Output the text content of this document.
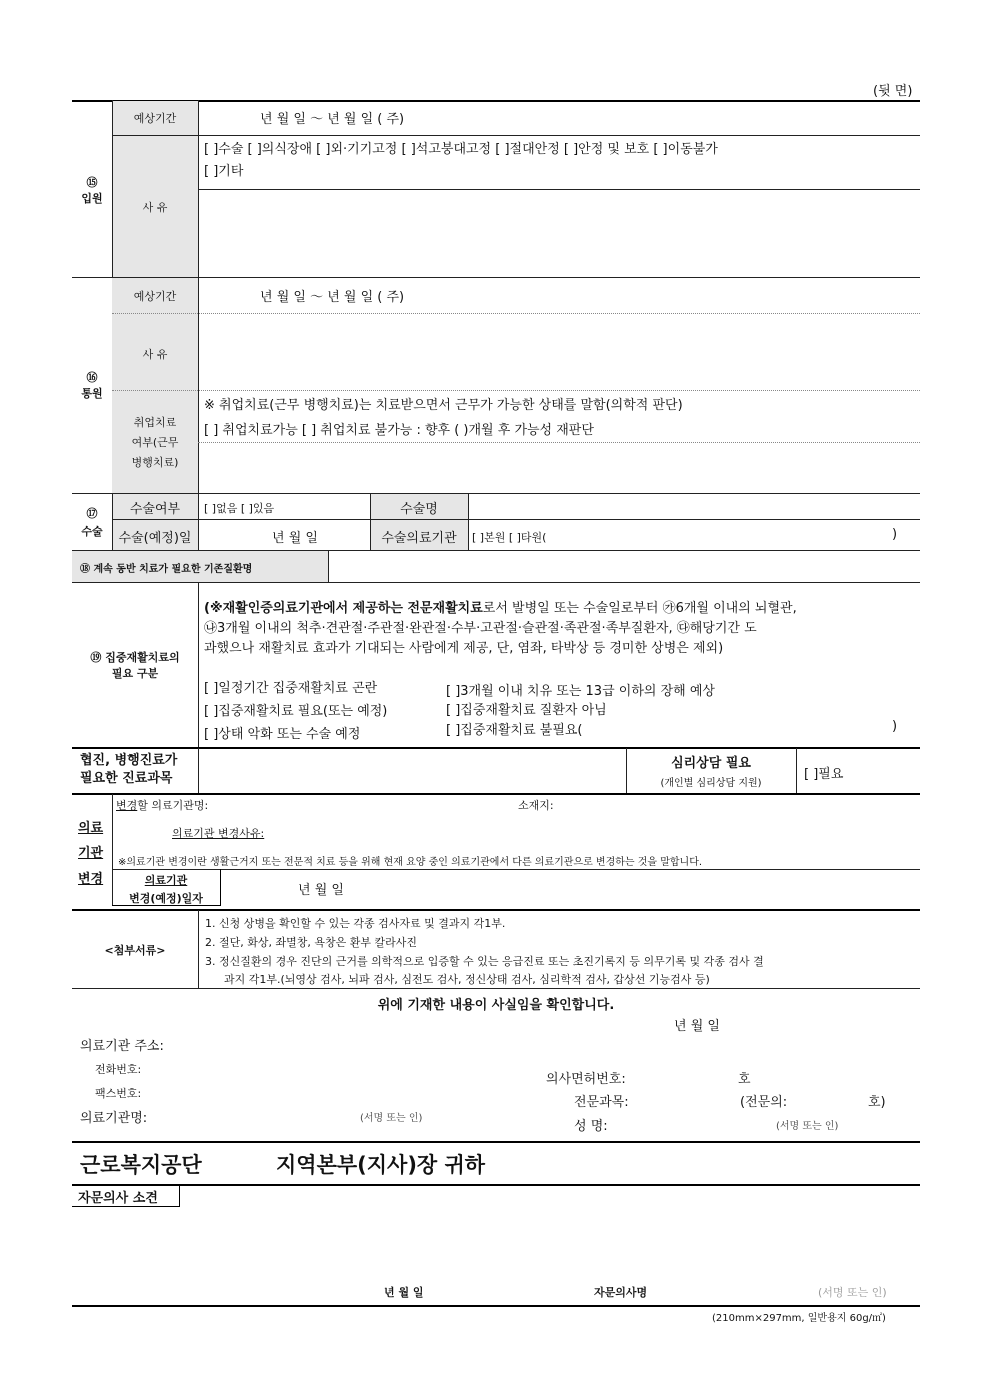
(뒷 면)
⑮
입원
예상기간	년 월 일 ～ 년 월 일 ( 주)
사 유
[ ]수술 [ ]의식장애 [ ]외·기기고정 [ ]석고붕대고정 [ ]절대안정 [ ]안정 및 보호 [ ]이동불가
[ ]기타
⑯
통원
예상기간	년 월 일 ～ 년 월 일 ( 주)
사 유
취업치료
여부(근무
병행치료)
※ 취업치료(근무 병행치료)는 치료받으면서 근무가 가능한 상태를 말함(의학적 판단)
[ ] 취업치료가능 [ ] 취업치료 불가능 : 향후 ( )개월 후 가능성 재판단
⑰
수술
수술여부	[ ]없음 [ ]있음	수술명
수술(예정)일	년 월 일	수술의료기관	[ ]본원 [ ]타원(	)
⑱ 계속 동반 치료가 필요한 기존질환명
⑲ 집중재활치료의
필요 구분
(※재활인증의료기관에서 제공하는 전문재활치료로서 발병일 또는 수술일로부터 ㉮6개월 이내의 뇌혈관,
㉯3개월 이내의 척추·견관절·주관절·완관절·수부·고관절·슬관절·족관절·족부질환자, ㉰해당기간 도
과했으나 재활치료 효과가 기대되는 사람에게 제공, 단, 염좌, 타박상 등 경미한 상병은 제외)
[ ]일정기간 집중재활치료 곤란	[ ]3개월 이내 치유 또는 13급 이하의 장해 예상
[ ]집중재활치료 필요(또는 예정)	[ ]집중재활치료 질환자 아님
[ ]상태 악화 또는 수술 예정	[ ]집중재활치료 불필요(	)
협진, 병행진료가
필요한 진료과목
심리상담 필요
(개인별 심리상담 지원)
[ ]필요
의료
기관
변경
변경할 의료기관명:	소재지:
의료기관 변경사유:
※의료기관 변경이란 생활근거지 또는 전문적 치료 등을 위해 현재 요양 중인 의료기관에서 다른 의료기관으로 변경하는 것을 말합니다.
의료기관
변경(예정)일자
년 월 일
<첨부서류>
1. 신청 상병을 확인할 수 있는 각종 검사자료 및 결과지 각1부.
2. 절단, 화상, 좌멸창, 욕창은 환부 칼라사진
3. 정신질환의 경우 진단의 근거를 의학적으로 입증할 수 있는 응급진료 또는 초진기록지 등 의무기록 및 각종 검사 결
과지 각1부.(뇌영상 검사, 뇌파 검사, 심전도 검사, 정신상태 검사, 심리학적 검사, 갑상선 기능검사 등)
위에 기재한 내용이 사실임을 확인합니다.
년 월 일
의료기관 주소:
전화번호:
팩스번호:
의료기관명:	(서명 또는 인)
의사면허번호:	호
전문과목:	(전문의:	호)
성 명:	(서명 또는 인)
근로복지공단	지역본부(지사)장 귀하
자문의사 소견
년 월 일	자문의사명	(서명 또는 인)
(210mm×297mm, 일반용지 60g/㎡)
